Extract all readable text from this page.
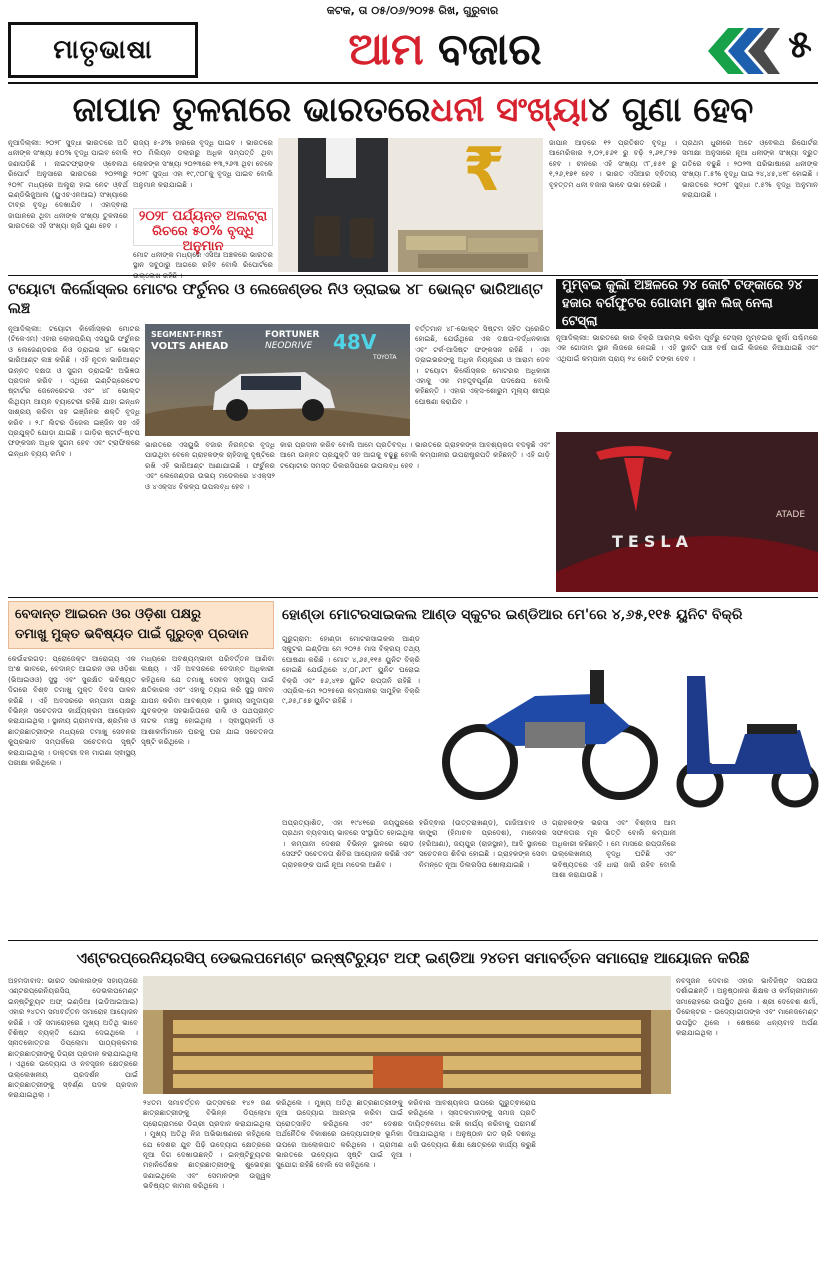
କଟକ, ତା ୦୫/୦୬/୨୦୨୫ ରିଖ, ଗୁରୁବାର
ମାତୃଭାଷା	ଆମ ବଜାର	୫
ଜାପାନ ତୁଳନାରେ ଭାରତରେ ଧନୀ ସଂଖ୍ୟା ୪ ଗୁଣା ହେବ
ନୂଆଦିଲ୍ଲୀ: ୨୦୨୮ ସୁଦ୍ଧା ଭାରତରେ ଅତି ଧନୀଙ୍କ ସଂଖ୍ୟା ୫୦% ବୃଦ୍ଧି ପାଇବ ବୋଲି ଜଣାପଡ଼ିଛି । ନାଇଟଫ୍ରାଙ୍କ ଓ୍ଵେଲଥ ରିପୋର୍ଟ ଅନୁସାରେ ଭାରତରେ ୨୦୨୩ରୁ ୨୦୨୮ ମଧ୍ୟରେ ଅଲ୍ଟ୍ରା ହାଇ ନେଟ ଓ୍ଵର୍ଥ ଇଣ୍ଡିଭିଜୁଆଲ (ୟୁଏଚଏନଆଇ) ସଂଖ୍ୟାରେ ତୀବ୍ର ବୃଦ୍ଧି ଦେଖାଯିବ । ଏହାଦ୍ଵାରା ଜାପାନରେ ଥିବା ଧନୀଙ୍କ ସଂଖ୍ୟା ତୁଳନାରେ ଭାରତରେ ଏହି ସଂଖ୍ୟା ଚାରି ଗୁଣା ହେବ ।
ରାଜ୍ୟ ୫-୬% ହାରରେ ବୃଦ୍ଧି ପାଇବ । ଭାରତରେ ୧୦ ମିଲିୟନ ଡଲାରରୁ ଅଧିକ ସମ୍ପତ୍ତି ଥିବା ଲୋକଙ୍କ ସଂଖ୍ୟା ୨୦୨୩ରେ ୧୩,୨୬୩ ଥିବା ବେଳେ ୨୦୨୮ ସୁଦ୍ଧା ଏହା ୧୯,୯୦୮କୁ ବୃଦ୍ଧି ପାଇବ ବୋଲି ଅନୁମାନ କରାଯାଇଛି ।
୨୦୨୮ ପର୍ଯ୍ୟନ୍ତ ଅଲଟ୍ରା
ରିଚରେ ୫୦% ବୃଦ୍ଧି ଅନୁମାନ
ମୋଟ ଧନୀଙ୍କ ମଧ୍ୟରେ ଏସିଆ ଅଞ୍ଚଳରେ ଭାରତର ସ୍ଥାନ ସବୁଠାରୁ ଆଗରେ ରହିବ ବୋଲି ରିପୋର୍ଟରେ
₹	ଜାପାନ ଆଡ଼ରେ ୧୨ ପ୍ରତିଶତ ବୃଦ୍ଧି । ଆମେରିକାର ୨,୦୨,୫୬୧ ରୁ ବଢ଼ି ୨,୬୧,୮୨୭ ହେବ । ଚୀନରେ ଏହି ସଂଖ୍ୟା ୯୮,୫୫୧ ରୁ ୧,୨୬,୧୭୧ ହେବ । ଭାରତ ଏସିଆର ଦ୍ଵିତୀୟ ବୃହତ୍ତମ ଧନୀ ବଜାର ଭାବେ ଉଭା ହେଉଛି ।
ପ୍ରଥମ ଧୁରୀରେ ଅଟେ ଓ୍ଵେଲଥ ରିପୋର୍ଟର ସମୀକ୍ଷା ଅନୁସାରେ ନୂଆ ଧନୀଙ୍କ ସଂଖ୍ୟା ଦ୍ରୁତ ଗତିରେ ବଢୁଛି । ୨୦୨୩ ପରିଭାଷାରେ ଧନୀଙ୍କ ସଂଖ୍ୟା ୮.୫% ବୃଦ୍ଧି ପାଇ ୨୪,୪୫,୪୧୮ ହୋଇଛି । ଭାରତରେ ୨୦୨୮ ସୁଦ୍ଧା ୯.୫% ବୃଦ୍ଧି ଅନୁମାନ କରାଯାଉଛି ।
ଟୟୋଟା କିର୍ଲୋସ୍କର ମୋଟର ଫର୍ଚୁନର ଓ ଲେଜେଣ୍ଡର ନିଓ ଡ୍ରାଇଭ ୪୮ ଭୋଲ୍ଟ ଭାରିଆଣ୍ଟ ଲଞ୍ଚ
ନୂଆଦିଲ୍ଲୀ: ଟୟୋଟା କିର୍ଲୋସ୍କର ମୋଟର (ଟିକେଏମ) ଏହାର ଲୋକପ୍ରିୟ ଏସୟୁଭି ଫର୍ଚୁନର ଓ ଲେଜେଣ୍ଡରର ନିଓ ଡ୍ରାଇଭ ୪୮ ଭୋଲ୍ଟ ଭାରିଆଣ୍ଟ ଲଞ୍ଚ କରିଛି । ଏହି ନୂତନ ଭାରିଆଣ୍ଟ ଉନ୍ନତ ଦକ୍ଷତା ଓ ସୁଗମ ଡ୍ରାଇଭିଂ ଅଭିଜ୍ଞତା ପ୍ରଦାନ କରିବ । ଏଥିରେ ଇଣ୍ଟିଗ୍ରେଟେଡ ଷ୍ଟାର୍ଟର ଜେନେରେଟର ଏବଂ ୪୮ ଭୋଲ୍ଟ ଲିଥିୟମ ଆୟନ ବ୍ୟାଟେରୀ ରହିଛି ଯାହା ଇନ୍ଧନ ସାଶ୍ରୟ କରିବା ସହ ଇଞ୍ଜିନର ଶକ୍ତି ବୃଦ୍ଧି କରିବ । ୨.୮ ଲିଟର ଡିଜେଲ ଇଞ୍ଜିନ ସହ ଏହି ପ୍ରଯୁକ୍ତି ଯୋଡ଼ା ଯାଇଛି । ଗାଡ଼ିର ଷ୍ଟାର୍ଟ-ଷ୍ଟପ ଫଙ୍କସନ ଅଧିକ ସୁଗମ ହେବ ଏବଂ ଟ୍ରାଫିକରେ ଇନ୍ଧନ ବ୍ୟୟ କମିବ ।
SEGMENT-FIRST
VOLTS AHEAD
FORTUNER
NEODRIVE 48V
TOYOTA
ବର୍ତ୍ତମାନ ୪୮-ଭୋଲ୍ଟ ସିଷ୍ଟମ ସହିତ ପ୍ରେରିତ ହୋଇଛି, ଯେଉଁଥିରେ ଏକ ଦକ୍ଷତା-ବର୍ଦ୍ଧନକାରୀ ଏବଂ ଟର୍କ-ଆସିଷ୍ଟ ଫଙ୍କସନ ରହିଛି । ଏହା ଡ୍ରାଇଭରଙ୍କୁ ଅଧିକ ନିୟନ୍ତ୍ରଣ ଓ ଆରାମ ଦେବ । ଟୟୋଟା କିର୍ଲୋସ୍କର ମୋଟରର ଅଧିକାରୀ ଏହାକୁ ଏକ ମହତ୍ତ୍ଵପୂର୍ଣ୍ଣ ପଦକ୍ଷେପ ବୋଲି କହିଛନ୍ତି । ଏହାର ଏକ୍ସ-ଶୋରୁମ ମୂଲ୍ୟ ଶୀଘ୍ର ଘୋଷଣା କରାଯିବ ।
ଭାରତରେ ଏସୟୁଭି ବଜାର ନିରନ୍ତର ବୃଦ୍ଧି ପାଉଥିବା ବେଳେ ଗ୍ରାହକଙ୍କ ଚାହିଦାକୁ ଦୃଷ୍ଟିରେ ରଖି ଏହି ଭାରିଆଣ୍ଟ ଆଣାଯାଇଛି । ଫର୍ଚୁନର ଏବଂ ଲେଜେଣ୍ଡର ଉଭୟ ମଡେଲରେ ୪ଏକ୍ସ୨ ଓ ୪ଏକ୍ସ୪ ବିକଳ୍ପ ଉପଲବ୍ଧ ହେବ ।
କାର ପ୍ରଦାନ କରିବ ବୋଲି ଆମେ ପ୍ରତିବଦ୍ଧ । ଭାରତରେ ଗ୍ରାହକଙ୍କ ଆବଶ୍ୟକତା ବଦଳୁଛି ଏବଂ ଆମେ ଉନ୍ନତ ପ୍ରଯୁକ୍ତି ସହ ଆଗକୁ ବଢୁଛୁ ବୋଲି କମ୍ପାନୀର ଉପରାଷ୍ଟ୍ରପତି କହିଛନ୍ତି । ଏହି ଗାଡ଼ି ଟୟୋଟାର ସମସ୍ତ ଡିଲରସିପରେ ଉପଲବ୍ଧ ହେବ ।
ମୁମ୍ବଇ କୁର୍ଲା ଅଞ୍ଚଳରେ ୨୪ କୋଟି ଟଙ୍କାରେ ୨୪ ହଜାର ବର୍ଗଫୁଟର ଗୋଦାମ ସ୍ଥାନ ଲିଜ୍ ନେଲା ଟେସ୍ଲା
ନୂଆଦିଲ୍ଲୀ: ଭାରତରେ କାର ବିକ୍ରି ଆରମ୍ଭ କରିବା ପୂର୍ବରୁ ଟେସ୍ଲା ମୁମ୍ବଇର କୁର୍ଲା ପଶ୍ଚିମରେ ଏକ ଗୋଦାମ ସ୍ଥାନ ଲିଜରେ ନେଇଛି । ଏହି ସ୍ଥାନଟି ପାଞ୍ଚ ବର୍ଷ ପାଇଁ ଲିଜରେ ନିଆଯାଇଛି ଏବଂ ଏଥିପାଇଁ କମ୍ପାନୀ ପ୍ରାୟ ୨୪ କୋଟି ଟଙ୍କା ଦେବ ।
TESLA
ATADE
ବେଦାନ୍ତ ଆଇରନ ଓର ଓଡ଼ିଶା ପକ୍ଷରୁ
ତମାଖୁ ମୁକ୍ତ ଭବିଷ୍ୟତ ପାଇଁ ଗୁରୁତ୍ଵ ପ୍ରଦାନ
କେଉଁଝରଗଡ଼: ପ୍ରୋଜେକ୍ଟ ଆରୋଗ୍ୟ ଏକ ଅଂଶ ଭାବରେ, ବେଦାନ୍ତ ଆଇରନ ଓର ଓଡ଼ିଶା (ଭିଆଇଓଓ) ସୁସ୍ଥ ଏବଂ ସୁରକ୍ଷିତ ଭବିଷ୍ୟତ ଦିଗରେ ବିଶ୍ଵ ତମାଖୁ ମୁକ୍ତ ଦିବସ ପାଳନ କରିଛି । ଏହି ଅବସରରେ କମ୍ପାନୀ ପକ୍ଷରୁ ବିଭିନ୍ନ ସଚେତନତା କାର୍ଯ୍ୟକ୍ରମ ଆୟୋଜନ କରାଯାଇଥିଲା । ସ୍ଥାନୀୟ ଗ୍ରାମବାସୀ, ଶ୍ରମିକ ଓ ଛାତ୍ରଛାତ୍ରୀଙ୍କ ମଧ୍ୟରେ ତମାଖୁ ସେବନର କୁପ୍ରଭାବ ସମ୍ପର୍କରେ ସଚେତନତା ସୃଷ୍ଟି କରାଯାଇଥିଲା । ଡାକ୍ତରୀ ଦଳ ମାଗଣା ସ୍ଵାସ୍ଥ୍ୟ ପରୀକ୍ଷା କରିଥିଲେ ।
ମଧ୍ୟରେ ଅବଶ୍ୟମ୍ଭାବୀ ପରିବର୍ତ୍ତନ ଆଣିବା ଲକ୍ଷ୍ୟ । ଏହି ଅବସରରେ ବେଦାନ୍ତ ଅଧିକାରୀ କହିଥିଲେ ଯେ ତମାଖୁ ସେବନ ସ୍ଵାସ୍ଥ୍ୟ ପାଇଁ କ୍ଷତିକାରକ ଏବଂ ଏହାକୁ ତ୍ୟାଗ କରି ସୁସ୍ଥ ଜୀବନ ଯାପନ କରିବା ଆବଶ୍ୟକ । ସ୍ଥାନୀୟ ସମୁଦାୟର ଯୁବକଙ୍କ ସହଭାଗିତାରେ ରାଲି ଓ ପଥପ୍ରାନ୍ତ ନାଟକ ମଞ୍ଚସ୍ଥ ହୋଇଥିଲା । ସ୍ଵାସ୍ଥ୍ୟକର୍ମୀ ଓ ଆଶାକର୍ମୀମାନେ ଘରକୁ ଘର ଯାଇ ସଚେତନତା ସୃଷ୍ଟି କରିଥିଲେ ।
ହୋଣ୍ଡା ମୋଟରସାଇକଲ ଆଣ୍ଡ ସ୍କୁଟର ଇଣ୍ଡିଆର ମେ'ରେ ୪,୬୫,୧୧୫ ୟୁନିଟ ବିକ୍ରି
ଗୁରୁଗ୍ରାମ: ହୋଣ୍ଡା ମୋଟରସାଇକଲ ଆଣ୍ଡ ସ୍କୁଟର ଇଣ୍ଡିଆ ମେ ୨୦୨୫ ମାସ ବିକ୍ରୟ ତଥ୍ୟ ଘୋଷଣା କରିଛି । ମୋଟ ୪,୬୫,୧୧୫ ୟୁନିଟ ବିକ୍ରି ହୋଇଛି ଯେଉଁଥିରେ ୪,୦୮,୬୯୮ ୟୁନିଟ ଘରୋଇ ବିକ୍ରି ଏବଂ ୫୬,୪୧୭ ୟୁନିଟ ରପ୍ତାନି ରହିଛି । ଏପ୍ରିଲ-ମେ ୨୦୨୫ରେ କମ୍ପାନୀର ସାମୁହିକ ବିକ୍ରି ୯,୬୫,୮୫୭ ୟୁନିଟ ରହିଛି ।
ଅପ୍ରତ୍ୟାଶିତ, ଏହା ୧୯୪୧ରେ ଜୟପୁରରେ ପ୍ରଥମ ବ୍ୟବସାୟ ଭାବରେ ସଂସ୍ଥାପିତ ହୋଇଥିଲା । କମ୍ପାନୀ ଦେଶର ବିଭିନ୍ନ ସ୍ଥାନରେ ରୋଡ ସେଫଟି ସଚେତନତା ଶିବିର ଆୟୋଜନ କରିଛି ଏବଂ ଗ୍ରାହକଙ୍କ ପାଇଁ ନୂଆ ମଡେଲ ଆଣିବ ।
ହରିଦ୍ଵାର (ଉତ୍ତରାଖଣ୍ଡ), ଗାଜିଆବାଦ ଓ କାଙ୍ଗ୍ରା (ହିମାଚଳ ପ୍ରଦେଶ), ମାନେସର (ହରିଆଣା), ଜୟପୁର (ରାଜସ୍ଥାନ), ଆଦି ସ୍ଥାନରେ ସଚେତନତା ଶିବିର ହୋଇଛି । ଗ୍ରାହକଙ୍କ ସେବା ନିମନ୍ତେ ନୂଆ ଡିଲରସିପ ଖୋଲାଯାଇଛି ।
ଗ୍ରାହକଙ୍କ ଭରସା ଏବଂ ବିଶ୍ଵାସ ଆମ ସଫଳତାର ମୂଳ ଭିତ୍ତି ବୋଲି କମ୍ପାନୀ ଅଧିକାରୀ କହିଛନ୍ତି । ମେ ମାସରେ ରପ୍ତାନିରେ ଉଲ୍ଲେଖନୀୟ ବୃଦ୍ଧି ଘଟିଛି ଏବଂ ଭବିଷ୍ୟତରେ ଏହି ଧାରା ଜାରି ରହିବ ବୋଲି ଆଶା କରାଯାଉଛି ।
ଏଣ୍ଟରପ୍ରେନିୟରସିପ୍ ଡେଭଲପମେଣ୍ଟ ଇନ୍ଷ୍ଟିଚ୍ୟୁଟ ଅଫ୍ ଇଣ୍ଡିଆ ୨୪ତମ ସମାବର୍ତ୍ତନ ସମାରୋହ ଆୟୋଜନ କରିଛି
ଅହମଦାବାଦ: ଭାରତ ସରକାରଙ୍କ ସହାୟତାରେ ଏଣ୍ଟରପ୍ରେନିୟରସିପ୍ ଡେଭଲପମେଣ୍ଟ ଇନ୍ଷ୍ଟିଚ୍ୟୁଟ ଅଫ୍ ଇଣ୍ଡିଆ (ଇଡିଆଇଆଇ) ଏହାର ୨୪ତମ ସମାବର୍ତ୍ତନ ସମାରୋହ ଆୟୋଜନ କରିଛି । ଏହି ସମାରୋହରେ ମୁଖ୍ୟ ଅତିଥି ଭାବେ ବିଶିଷ୍ଟ ବ୍ୟକ୍ତି ଯୋଗ ଦେଇଥିଲେ । ସ୍ନାତକୋତ୍ତର ଡିପ୍ଲୋମା ପାଠ୍ୟକ୍ରମର ଛାତ୍ରଛାତ୍ରୀଙ୍କୁ ଡିଗ୍ରୀ ପ୍ରଦାନ କରାଯାଇଥିଲା । ଏଥିରେ ଉଦ୍ୟୋଗ ଓ ନବସୃଜନ କ୍ଷେତ୍ରରେ ଉଲ୍ଲେଖନୀୟ ପ୍ରଦର୍ଶନ ପାଇଁ ଛାତ୍ରଛାତ୍ରୀଙ୍କୁ ସ୍ଵର୍ଣ୍ଣ ପଦକ ପ୍ରଦାନ କରାଯାଇଥିଲା ।
୨୪ତମ ସମାବର୍ତ୍ତନ ଉତ୍ସବରେ ୧୪୨ ଜଣ ଛାତ୍ରଛାତ୍ରୀଙ୍କୁ ବିଭିନ୍ନ ଡିପ୍ଲୋମା ପ୍ରୋଗ୍ରାମରେ ଡିଗ୍ରୀ ପ୍ରଦାନ କରାଯାଇଥିଲା । ମୁଖ୍ୟ ଅତିଥି ନିଜ ଅଭିଭାଷଣରେ କହିଥିଲେ ଯେ ଦେଶର ଯୁବ ପିଢ଼ି ଉଦ୍ୟୋଗ କ୍ଷେତ୍ରରେ ନୂଆ ଦିଗ ଦେଖାଉଛନ୍ତି । ଇନ୍ଷ୍ଟିଚ୍ୟୁଟର ମହାନିର୍ଦ୍ଦେଶକ ଛାତ୍ରଛାତ୍ରୀଙ୍କୁ ଶୁଭେଚ୍ଛା ଜଣାଇଥିଲେ ଏବଂ ସେମାନଙ୍କ ଉଜ୍ଜ୍ୱଳ ଭବିଷ୍ୟତ କାମନା କରିଥିଲେ ।
କରିଥିଲେ । ମୁଖ୍ୟ ଅତିଥି ଛାତ୍ରଛାତ୍ରୀଙ୍କୁ ନୂଆ ଉଦ୍ୟୋଗ ଆରମ୍ଭ କରିବା ପାଇଁ ପ୍ରୋତ୍ସାହିତ କରିଥିଲେ ଏବଂ ଦେଶର ଅର୍ଥନୈତିକ ବିକାଶରେ ଉଦ୍ୟୋଗୀଙ୍କ ଭୂମିକା ଉପରେ ଆଲୋକପାତ କରିଥିଲେ । ଗ୍ରାମୀଣ ଭାରତରେ ଉଦ୍ୟୋଗ ସୃଷ୍ଟି ପାଇଁ ନୂଆ ସୁଯୋଗ ରହିଛି ବୋଲି ସେ କହିଥିଲେ ।
କରିବାର ଆବଶ୍ୟକତା ଉପରେ ଗୁରୁତ୍ଵାରୋପ କରିଥିଲେ । ସ୍ନାତକମାନଙ୍କୁ ସମାଜ ପ୍ରତି ଦାୟିତ୍ଵବୋଧ ରଖି କାର୍ଯ୍ୟ କରିବାକୁ ପରାମର୍ଶ ଦିଆଯାଇଥିଲା । ଅନୁଷ୍ଠାନ ଗତ ଚାରି ଦଶନ୍ଧି ଧରି ଉଦ୍ୟୋଗ ଶିକ୍ଷା କ୍ଷେତ୍ରରେ କାର୍ଯ୍ୟ କରୁଛି ।
ନବସୃଜନ ଦେବାର ଏହାର ଭାବିଜିଷ୍ଟ ସପକ୍ଷତା ଦର୍ଶାଇଛନ୍ତି । ଅନୁଷ୍ଠାନର ଶିକ୍ଷକ ଓ କର୍ମଚାରୀମାନେ ସମାରୋହରେ ଉପସ୍ଥିତ ଥିଲେ । ଶ୍ରୀ ଦେବେଶ ଶର୍ମା, ଡିରେକ୍ଟର - ଉଦ୍ୟୋଗୀତାଙ୍କ ଏବଂ ମାନେଜମେଣ୍ଟ ଉପସ୍ଥିତ ଥିଲେ । ଶେଷରେ ଧନ୍ୟବାଦ ଅର୍ପଣ କରାଯାଇଥିଲା ।
